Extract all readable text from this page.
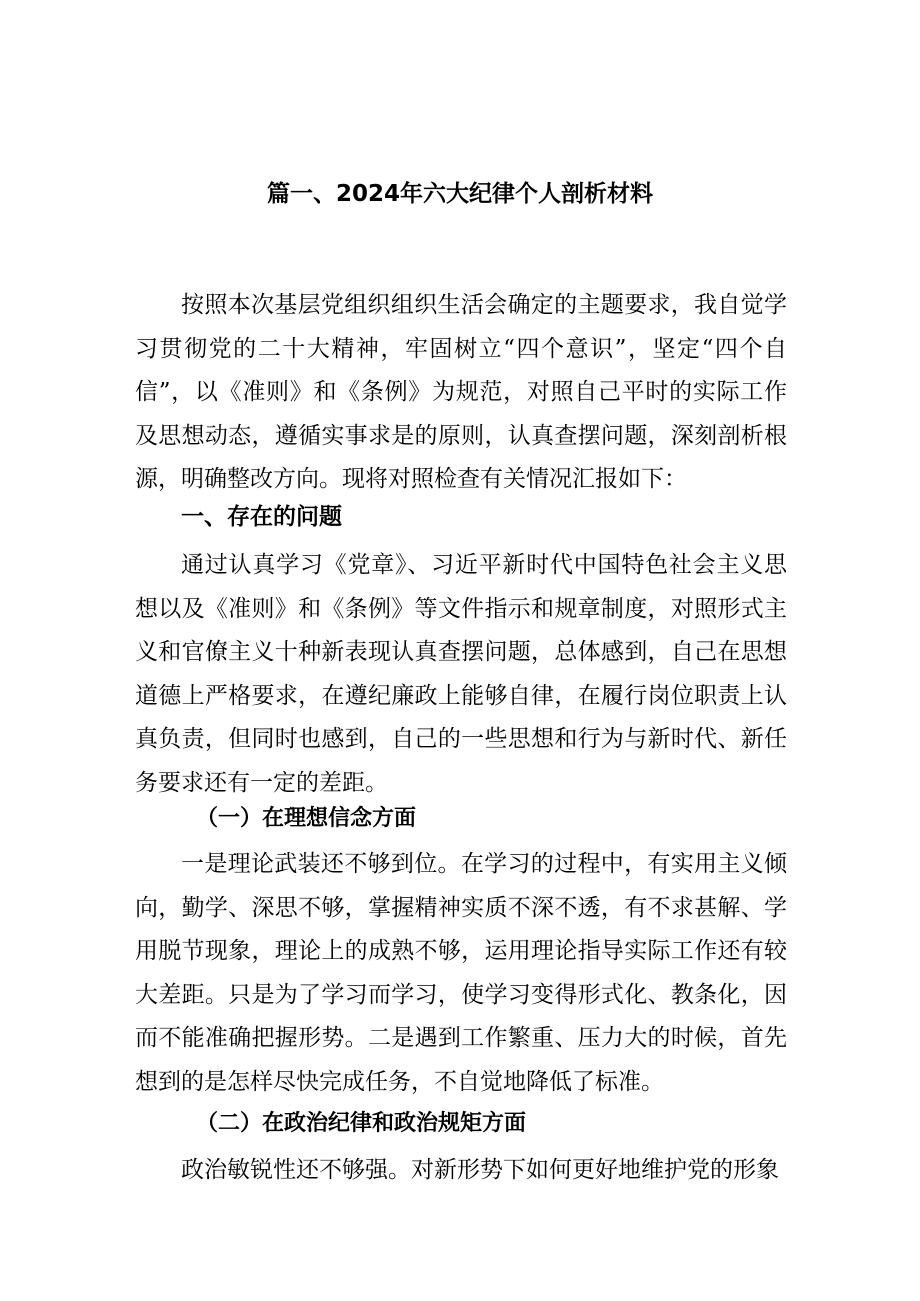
篇一、2024年六大纪律个人剖析材料

按照本次基层党组织组织生活会确定的主题要求，我自觉学习贯彻党的二十大精神，牢固树立“四个意识”，坚定“四个自信”，以《准则》和《条例》为规范，对照自己平时的实际工作及思想动态，遵循实事求是的原则，认真查摆问题，深刻剖析根源，明确整改方向。现将对照检查有关情况汇报如下：

一、存在的问题

通过认真学习《党章》、习近平新时代中国特色社会主义思想以及《准则》和《条例》等文件指示和规章制度，对照形式主义和官僚主义十种新表现认真查摆问题，总体感到，自己在思想道德上严格要求，在遵纪廉政上能够自律，在履行岗位职责上认真负责，但同时也感到，自己的一些思想和行为与新时代、新任务要求还有一定的差距。

（一）在理想信念方面

一是理论武装还不够到位。在学习的过程中，有实用主义倾向，勤学、深思不够，掌握精神实质不深不透，有不求甚解、学用脱节现象，理论上的成熟不够，运用理论指导实际工作还有较大差距。只是为了学习而学习，使学习变得形式化、教条化，因而不能准确把握形势。二是遇到工作繁重、压力大的时候，首先想到的是怎样尽快完成任务，不自觉地降低了标准。

（二）在政治纪律和政治规矩方面

政治敏锐性还不够强。对新形势下如何更好地维护党的形象
